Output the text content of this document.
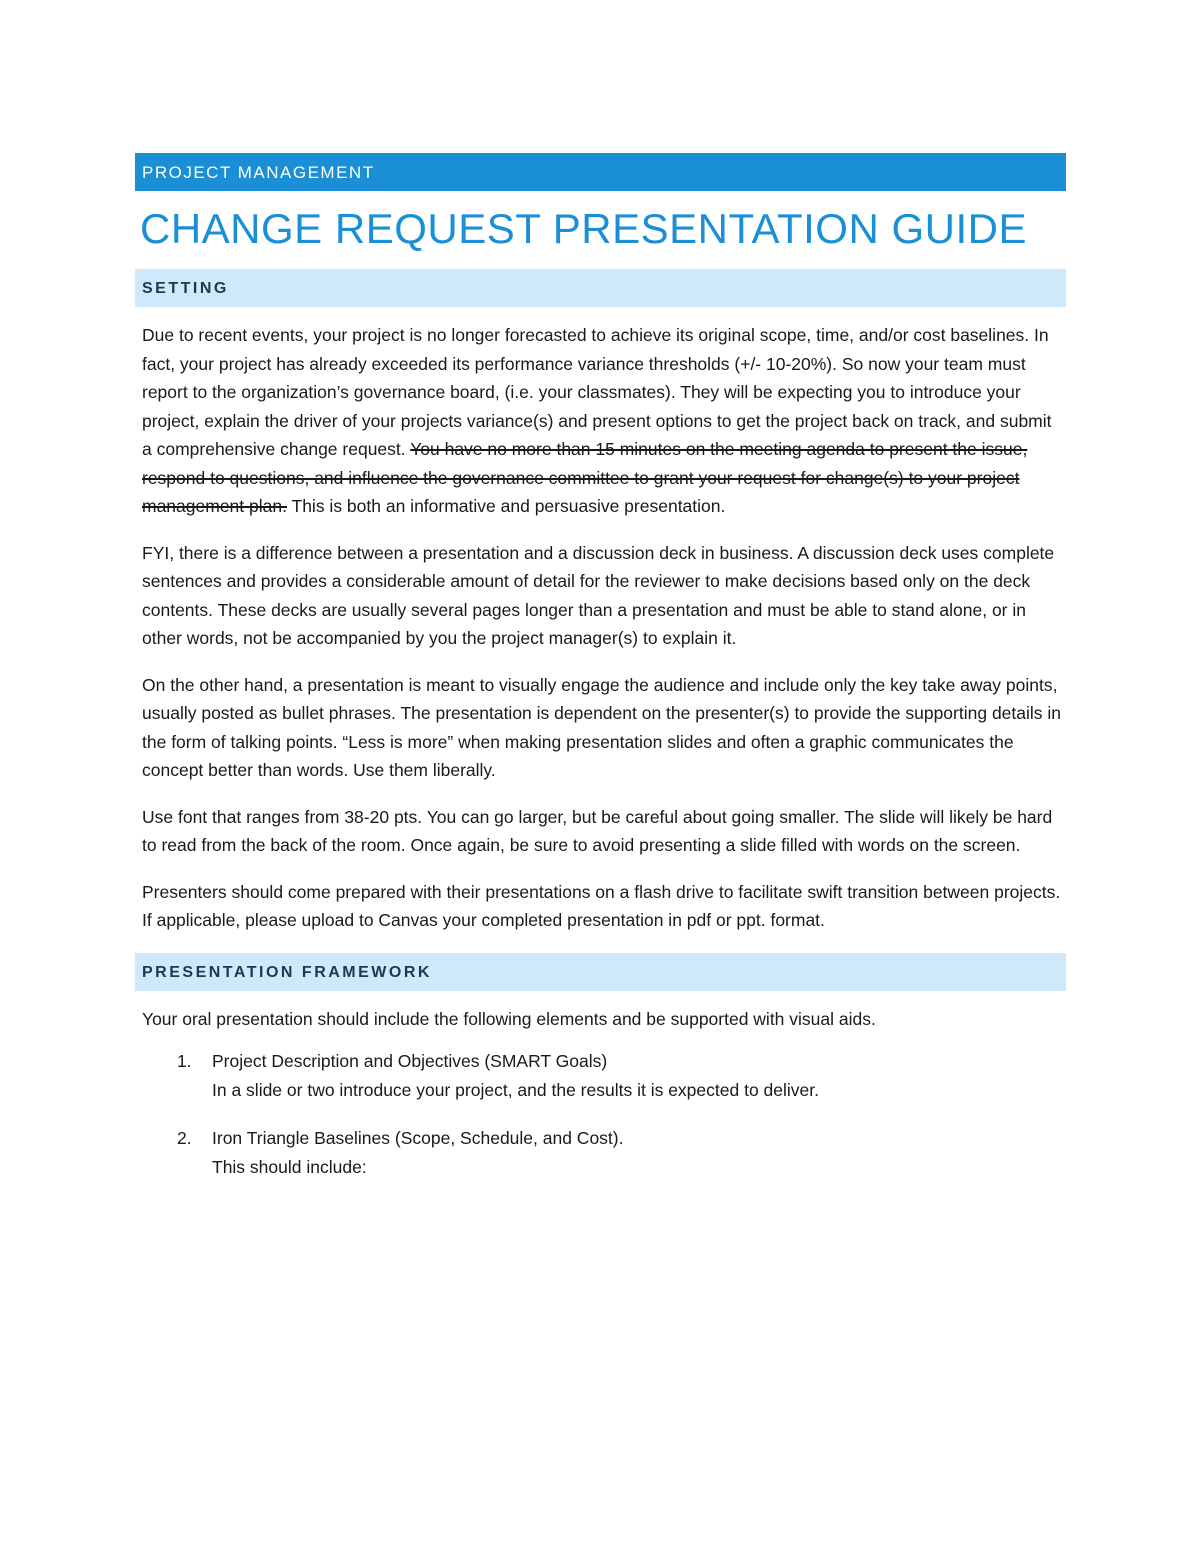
PROJECT MANAGEMENT
CHANGE REQUEST PRESENTATION GUIDE
SETTING

Due to recent events, your project is no longer forecasted to achieve its original scope, time, and/or cost baselines. In fact, your project has already exceeded its performance variance thresholds (+/- 10-20%). So now your team must report to the organization’s governance board, (i.e. your classmates). They will be expecting you to introduce your project, explain the driver of your projects variance(s) and present options to get the project back on track, and submit a comprehensive change request. You have no more than 15 minutes on the meeting agenda to present the issue, respond to questions, and influence the governance committee to grant your request for change(s) to your project management plan. This is both an informative and persuasive presentation.

FYI, there is a difference between a presentation and a discussion deck in business. A discussion deck uses complete sentences and provides a considerable amount of detail for the reviewer to make decisions based only on the deck contents. These decks are usually several pages longer than a presentation and must be able to stand alone, or in other words, not be accompanied by you the project manager(s) to explain it.

On the other hand, a presentation is meant to visually engage the audience and include only the key take away points, usually posted as bullet phrases. The presentation is dependent on the presenter(s) to provide the supporting details in the form of talking points. “Less is more” when making presentation slides and often a graphic communicates the concept better than words. Use them liberally.

Use font that ranges from 38-20 pts. You can go larger, but be careful about going smaller. The slide will likely be hard to read from the back of the room. Once again, be sure to avoid presenting a slide filled with words on the screen.

Presenters should come prepared with their presentations on a flash drive to facilitate swift transition between projects. If applicable, please upload to Canvas your completed presentation in pdf or ppt. format.

PRESENTATION FRAMEWORK

Your oral presentation should include the following elements and be supported with visual aids.

1. Project Description and Objectives (SMART Goals)
In a slide or two introduce your project, and the results it is expected to deliver.
2. Iron Triangle Baselines (Scope, Schedule, and Cost).
This should include:
